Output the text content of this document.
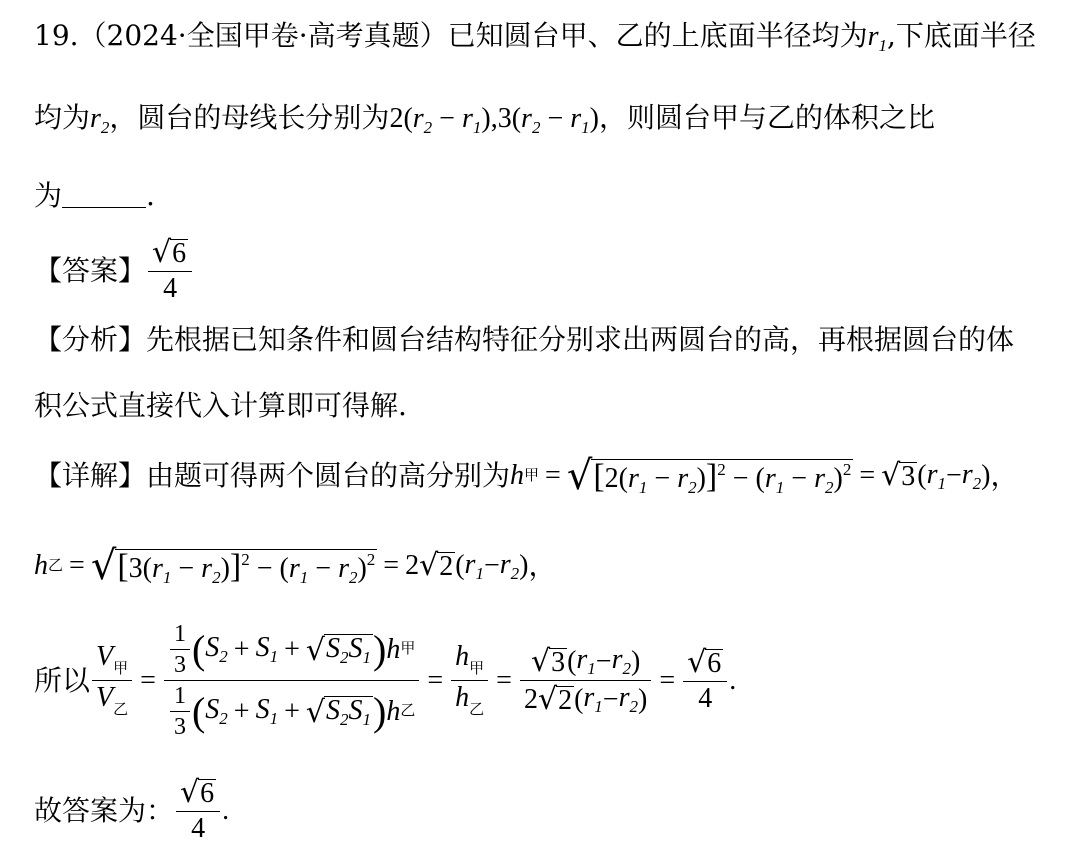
19.（2024·全国甲卷·高考真题）已知圆台甲、乙的上底面半径均为$r_1$,下底面半径
均为$r_2$，圆台的母线长分别为$2(r_2 - r_1),3(r_2 - r_1)$，则圆台甲与乙的体积之比
为	.
【答案】 $\frac{√ 6}{4}$
【分析】先根据已知条件和圆台结构特征分别求出两圆台的高，再根据圆台的体
积公式直接代入计算即可得解.
【详解】由题可得两个圆台的高分别为 h 甲 = √ $[2(r_1 - r_2)]^2 - (r_1 - r_2)^2$ = √ 3 ( $r_1 - r_2$ ) ，
h 乙 = √ $[3(r_1 - r_2)]^2 - (r_1 - r_2)^2 = 2$ √ 2 ( $r_1 - r_2$ ) ，
所以 $\frac{V_甲}{V_乙} = \frac{\frac{1}{3} ( S_2 + S_1 + √ S_2S_1 ) h 甲}{\frac{1}{3} ( S_2 + S_1 + √ S_2S_1 ) h 乙} = \frac{h_甲}{h_乙} = \frac{√ 3 ( r_1 - r_2 )}{2 √ 2 ( r_1 - r_2 )} = \frac{√ 6}{4}$ .
故答案为： $\frac{√ 6}{4}$ .
